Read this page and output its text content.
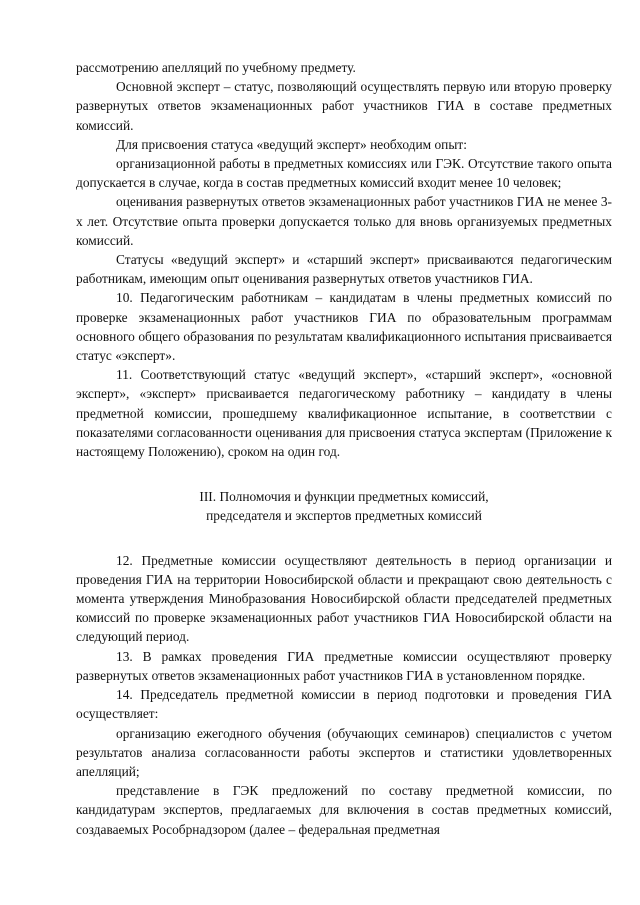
рассмотрению апелляций по учебному предмету.

Основной эксперт – статус, позволяющий осуществлять первую или вторую проверку развернутых ответов экзаменационных работ участников ГИА в составе предметных комиссий.

Для присвоения статуса «ведущий эксперт» необходим опыт:

организационной работы в предметных комиссиях или ГЭК. Отсутствие такого опыта допускается в случае, когда в состав предметных комиссий входит менее 10 человек;

оценивания развернутых ответов экзаменационных работ участников ГИА не менее 3-х лет. Отсутствие опыта проверки допускается только для вновь организуемых предметных комиссий.

Статусы «ведущий эксперт» и «старший эксперт» присваиваются педагогическим работникам, имеющим опыт оценивания развернутых ответов участников ГИА.

10. Педагогическим работникам – кандидатам в члены предметных комиссий по проверке экзаменационных работ участников ГИА по образовательным программам основного общего образования по результатам квалификационного испытания присваивается статус «эксперт».

11. Соответствующий статус «ведущий эксперт», «старший эксперт», «основной эксперт», «эксперт» присваивается педагогическому работнику – кандидату в члены предметной комиссии, прошедшему квалификационное испытание, в соответствии с показателями согласованности оценивания для присвоения статуса экспертам (Приложение к настоящему Положению), сроком на один год.

III. Полномочия и функции предметных комиссий,
председателя и экспертов предметных комиссий

12. Предметные комиссии осуществляют деятельность в период организации и проведения ГИА на территории Новосибирской области и прекращают свою деятельность с момента утверждения Минобразования Новосибирской области председателей предметных комиссий по проверке экзаменационных работ участников ГИА Новосибирской области на следующий период.

13. В рамках проведения ГИА предметные комиссии осуществляют проверку развернутых ответов экзаменационных работ участников ГИА в установленном порядке.

14. Председатель предметной комиссии в период подготовки и проведения ГИА осуществляет:

организацию ежегодного обучения (обучающих семинаров) специалистов с учетом результатов анализа согласованности работы экспертов и статистики удовлетворенных апелляций;

представление в ГЭК предложений по составу предметной комиссии, по кандидатурам экспертов, предлагаемых для включения в состав предметных комиссий, создаваемых Рособрнадзором (далее – федеральная предметная
